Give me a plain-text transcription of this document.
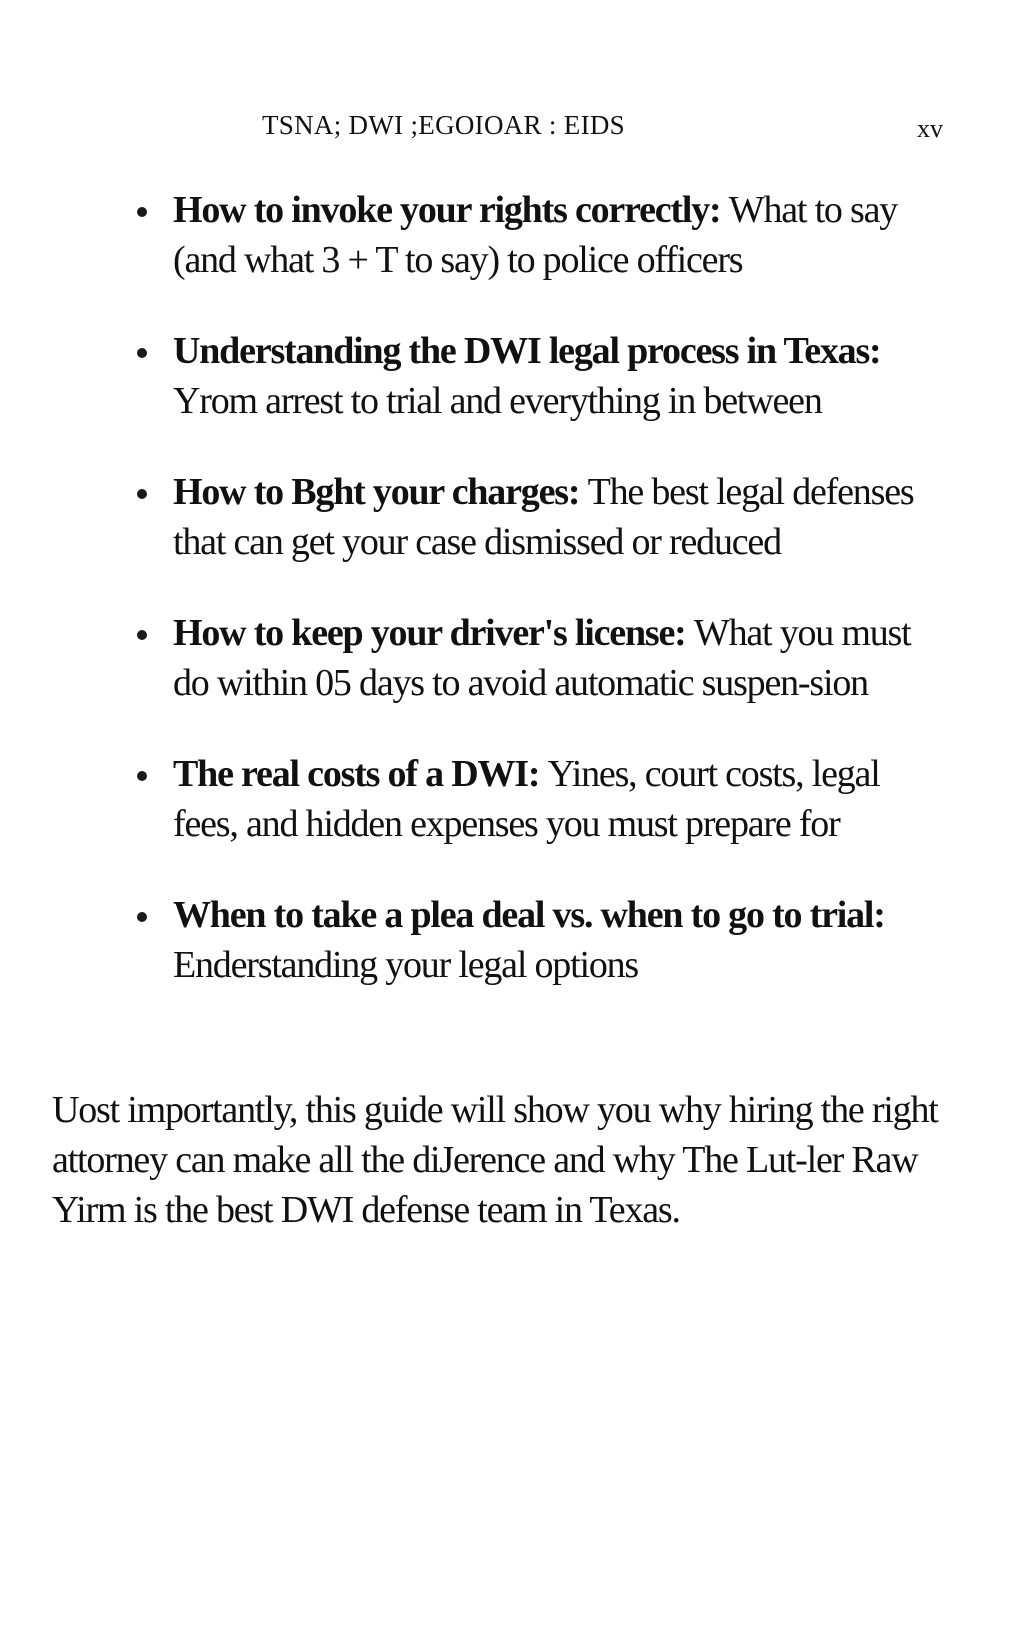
TSNA; DWI ;EGOIOAR : EIDS	xv
How to invoke your rights correctly: What to say (and what 3 + T to say) to police officers
Understanding the DWI legal process in Texas: Yrom arrest to trial and everything in between
How to Bght your charges: The best legal defenses that can get your case dismissed or reduced
How to keep your driver's license: What you must do within 05 days to avoid automatic suspen-sion
The real costs of a DWI: Yines, court costs, legal fees, and hidden expenses you must prepare for
When to take a plea deal vs. when to go to trial: Enderstanding your legal options

Uost importantly, this guide will show you why hiring the right attorney can make all the diJerence and why The Lut-ler Raw Yirm is the best DWI defense team in Texas.
